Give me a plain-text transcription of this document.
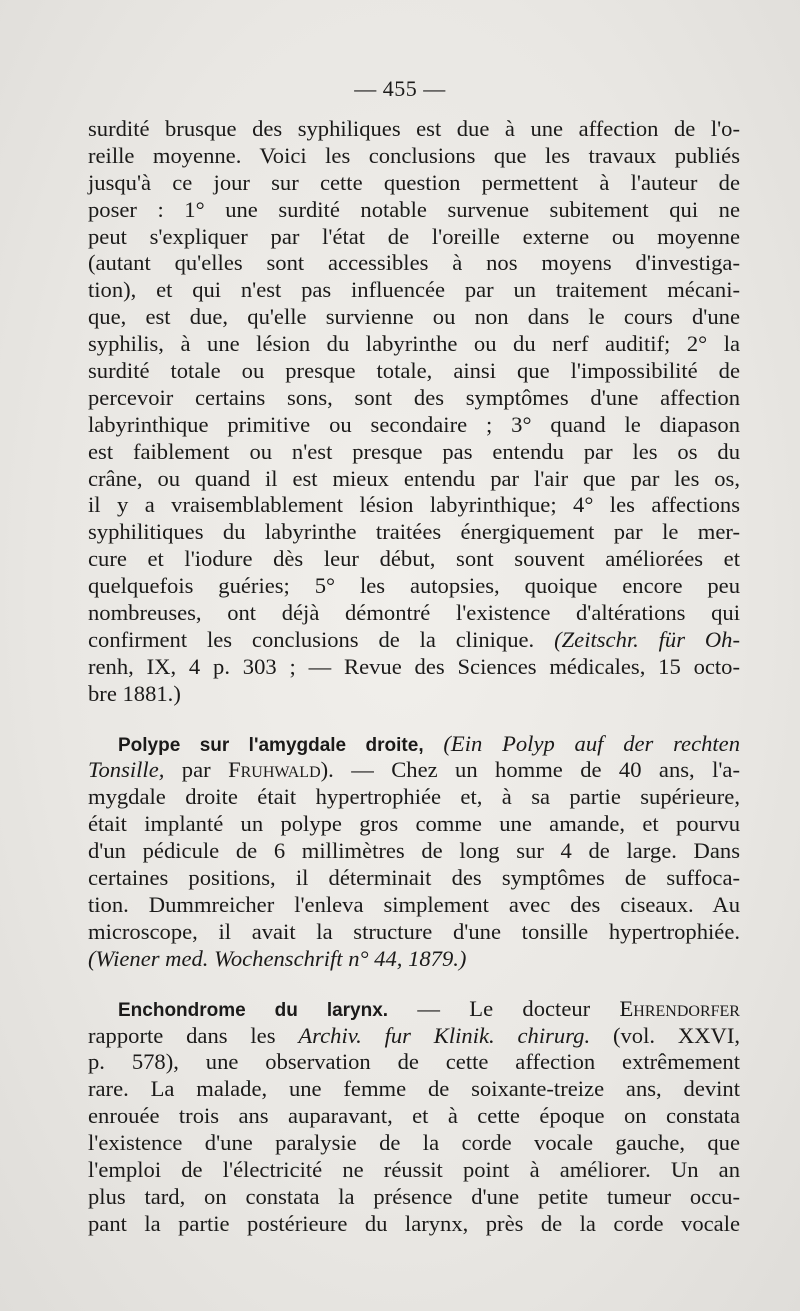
— 455 —
surdité brusque des syphiliques est due à une affection de l'o-
reille moyenne. Voici les conclusions que les travaux publiés
jusqu'à ce jour sur cette question permettent à l'auteur de
poser : 1° une surdité notable survenue subitement qui ne
peut s'expliquer par l'état de l'oreille externe ou moyenne
(autant qu'elles sont accessibles à nos moyens d'investiga-
tion), et qui n'est pas influencée par un traitement mécani-
que, est due, qu'elle survienne ou non dans le cours d'une
syphilis, à une lésion du labyrinthe ou du nerf auditif; 2° la
surdité totale ou presque totale, ainsi que l'impossibilité de
percevoir certains sons, sont des symptômes d'une affection
labyrinthique primitive ou secondaire ; 3° quand le diapason
est faiblement ou n'est presque pas entendu par les os du
crâne, ou quand il est mieux entendu par l'air que par les os,
il y a vraisemblablement lésion labyrinthique; 4° les affections
syphilitiques du labyrinthe traitées énergiquement par le mer-
cure et l'iodure dès leur début, sont souvent améliorées et
quelquefois guéries; 5° les autopsies, quoique encore peu
nombreuses, ont déjà démontré l'existence d'altérations qui
confirment les conclusions de la clinique. (Zeitschr. für Oh-
renh, IX, 4 p. 303 ; — Revue des Sciences médicales, 15 octo-
bre 1881.)
Polype sur l'amygdale droite, (Ein Polyp auf der rechten
Tonsille, par Fruhwald). — Chez un homme de 40 ans, l'a-
mygdale droite était hypertrophiée et, à sa partie supérieure,
était implanté un polype gros comme une amande, et pourvu
d'un pédicule de 6 millimètres de long sur 4 de large. Dans
certaines positions, il déterminait des symptômes de suffoca-
tion. Dummreicher l'enleva simplement avec des ciseaux. Au
microscope, il avait la structure d'une tonsille hypertrophiée.
(Wiener med. Wochenschrift n° 44, 1879.)
Enchondrome du larynx. — Le docteur Ehrendorfer
rapporte dans les Archiv. fur Klinik. chirurg. (vol. XXVI,
p. 578), une observation de cette affection extrêmement
rare. La malade, une femme de soixante-treize ans, devint
enrouée trois ans auparavant, et à cette époque on constata
l'existence d'une paralysie de la corde vocale gauche, que
l'emploi de l'électricité ne réussit point à améliorer. Un an
plus tard, on constata la présence d'une petite tumeur occu-
pant la partie postérieure du larynx, près de la corde vocale
